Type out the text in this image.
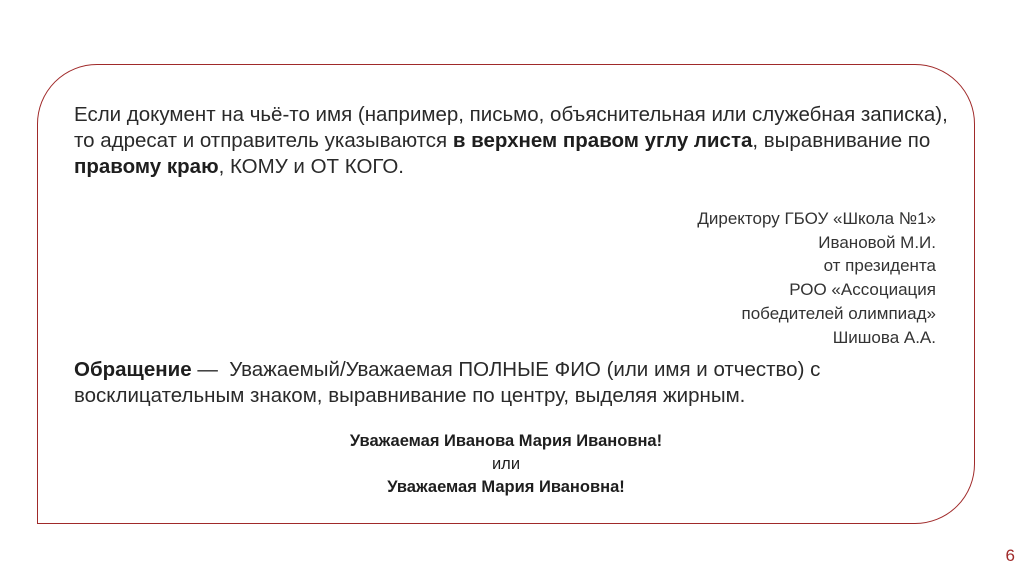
Если документ на чьё-то имя (например, письмо, объяснительная или служебная записка), то адресат и отправитель указываются в верхнем правом углу листа, выравнивание по правому краю, КОМУ и ОТ КОГО.

Директору ГБОУ «Школа №1»
Ивановой М.И.
от президента
РОО «Ассоциация
победителей олимпиад»
Шишова А.А.

Обращение —  Уважаемый/Уважаемая ПОЛНЫЕ ФИО (или имя и отчество) с восклицательным знаком, выравнивание по центру, выделяя жирным.

Уважаемая Иванова Мария Ивановна!
или
Уважаемая Мария Ивановна!
6
